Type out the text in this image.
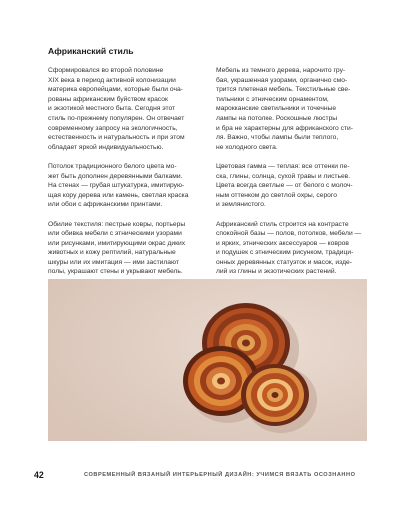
Африканский стиль

Сформировался во второй половине
XIX века в период активной колонизации
материка европейцами, которые были оча-
рованы африканским буйством красок
и экзотикой местного быта. Сегодня этот
стиль по-прежнему популярен. Он отвечает
современному запросу на экологичность,
естественность и натуральность и при этом
обладает яркой индивидуальностью.

Потолок традиционного белого цвета мо-
жет быть дополнен деревянными балками.
На стенах — грубая штукатурка, имитирую-
щая кору дерева или камень, светлая краска
или обои с африканскими принтами.

Обилие текстиля: пестрые ковры, портьеры
или обивка мебели с этническими узорами
или рисунками, имитирующими окрас диких
животных и кожу рептилий, натуральные
шкуры или их имитация — ими застилают
полы, украшают стены и укрывают мебель.

Мебель из темного дерева, нарочито гру-
бая, украшенная узорами, органично смо-
трится плетеная мебель. Текстильные све-
тильники с этническим орнаментом,
марокканские светильники и точечные
лампы на потолке. Роскошные люстры
и бра не характерны для африканского сти-
ля. Важно, чтобы лампы были теплого,
не холодного света.

Цветовая гамма — теплая: все оттенки пе-
ска, глины, солнца, сухой травы и листьев.
Цвета всегда светлые — от белого с молоч-
ным оттенком до светлой охры, серого
и землянистого.

Африканский стиль строится на контрасте
спокойной базы — полов, потолков, мебели —
и ярких, этнических аксессуаров — ковров
и подушек с этническим рисунком, традици-
онных деревянных статуэток и масок, изде-
лий из глины и экзотических растений.

42	СОВРЕМЕННЫЙ ВЯЗАНЫЙ ИНТЕРЬЕРНЫЙ ДИЗАЙН: УЧИМСЯ ВЯЗАТЬ ОСОЗНАННО
